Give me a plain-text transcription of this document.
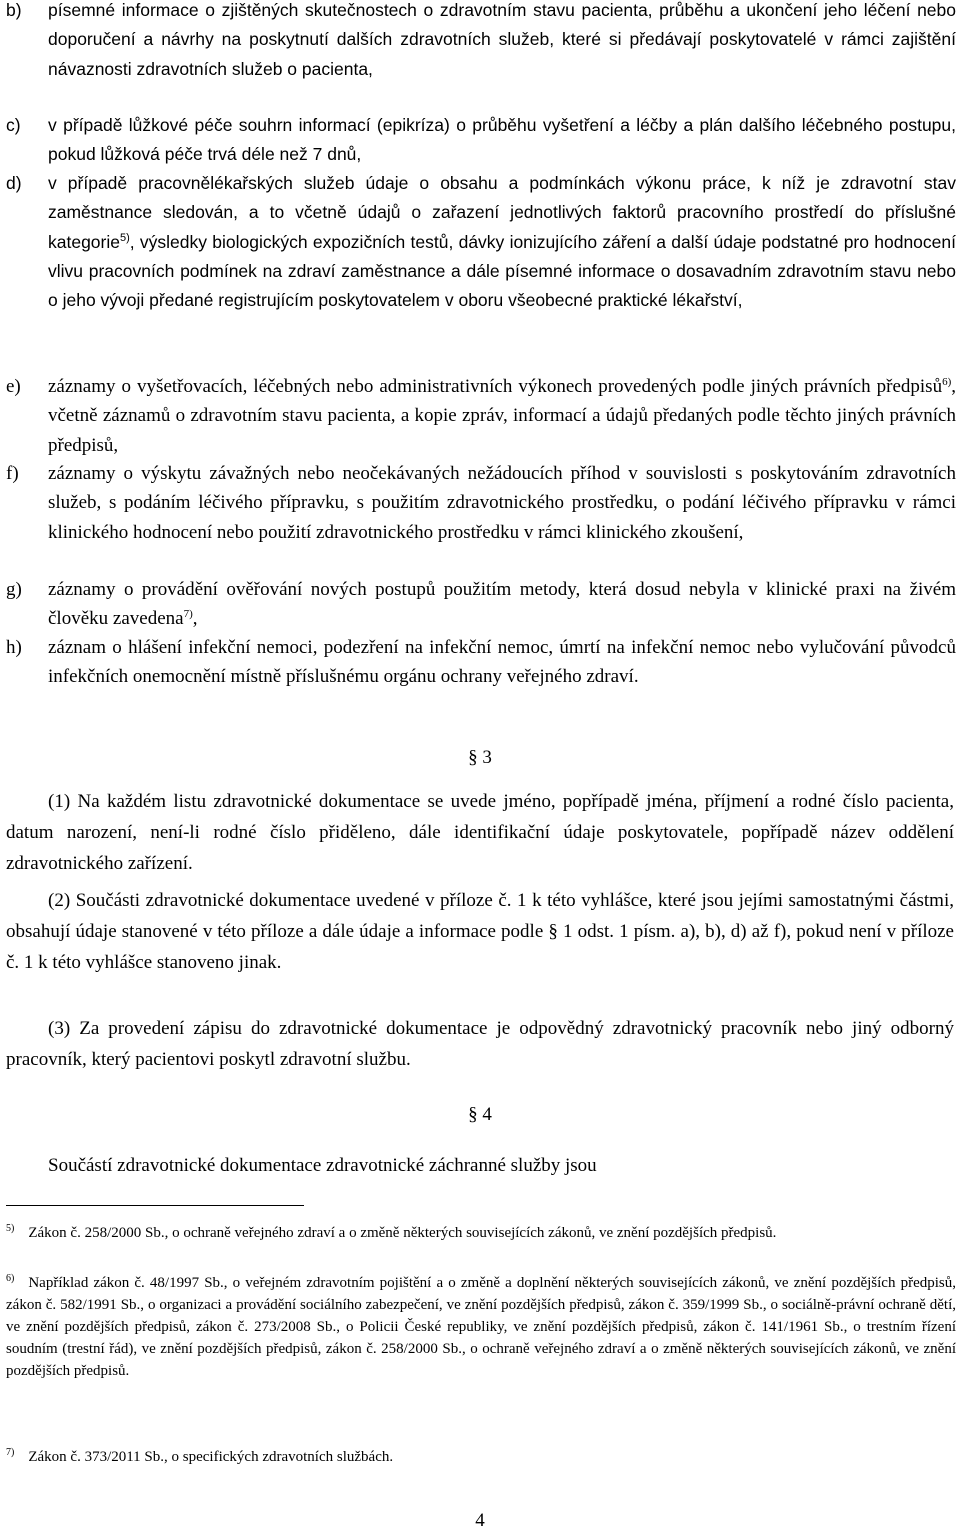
b) písemné informace o zjištěných skutečnostech o zdravotním stavu pacienta, průběhu a ukončení jeho léčení nebo doporučení a návrhy na poskytnutí dalších zdravotních služeb, které si předávají poskytovatelé v rámci zajištění návaznosti zdravotních služeb o pacienta,
c) v případě lůžkové péče souhrn informací (epikríza) o průběhu vyšetření a léčby a plán dalšího léčebného postupu, pokud lůžková péče trvá déle než 7 dnů,
d) v případě pracovnělékařských služeb údaje o obsahu a podmínkách výkonu práce, k níž je zdravotní stav zaměstnance sledován, a to včetně údajů o zařazení jednotlivých faktorů pracovního prostředí do příslušné kategorie$^{5)}$, výsledky biologických expozičních testů, dávky ionizujícího záření a další údaje podstatné pro hodnocení vlivu pracovních podmínek na zdraví zaměstnance a dále písemné informace o dosavadním zdravotním stavu nebo o jeho vývoji předané registrujícím poskytovatelem v oboru všeobecné praktické lékařství,
e) záznamy o vyšetřovacích, léčebných nebo administrativních výkonech provedených podle jiných právních předpisů$^{6)}$, včetně záznamů o zdravotním stavu pacienta, a kopie zpráv, informací a údajů předaných podle těchto jiných právních předpisů,
f) záznamy o výskytu závažných nebo neočekávaných nežádoucích příhod v souvislosti s poskytováním zdravotních služeb, s podáním léčivého přípravku, s použitím zdravotnického prostředku, o podání léčivého přípravku v rámci klinického hodnocení nebo použití zdravotnického prostředku v rámci klinického zkoušení,
g) záznamy o provádění ověřování nových postupů použitím metody, která dosud nebyla v klinické praxi na živém člověku zavedena$^{7)}$,
h) záznam o hlášení infekční nemoci, podezření na infekční nemoc, úmrtí na infekční nemoc nebo vylučování původců infekčních onemocnění místně příslušnému orgánu ochrany veřejného zdraví.
§ 3
(1) Na každém listu zdravotnické dokumentace se uvede jméno, popřípadě jména, příjmení a rodné číslo pacienta, datum narození, není-li rodné číslo přiděleno, dále identifikační údaje poskytovatele, popřípadě název oddělení zdravotnického zařízení.
(2) Součásti zdravotnické dokumentace uvedené v příloze č. 1 k této vyhlášce, které jsou jejími samostatnými částmi, obsahují údaje stanovené v této příloze a dále údaje a informace podle § 1 odst. 1 písm. a), b), d) až f), pokud není v příloze č. 1 k této vyhlášce stanoveno jinak.
(3) Za provedení zápisu do zdravotnické dokumentace je odpovědný zdravotnický pracovník nebo jiný odborný pracovník, který pacientovi poskytl zdravotní službu.
§ 4
Součástí zdravotnické dokumentace zdravotnické záchranné služby jsou
$^{5)}$ Zákon č. 258/2000 Sb., o ochraně veřejného zdraví a o změně některých souvisejících zákonů, ve znění pozdějších předpisů.
$^{6)}$ Například zákon č. 48/1997 Sb., o veřejném zdravotním pojištění a o změně a doplnění některých souvisejících zákonů, ve znění pozdějších předpisů, zákon č. 582/1991 Sb., o organizaci a provádění sociálního zabezpečení, ve znění pozdějších předpisů, zákon č. 359/1999 Sb., o sociálně-právní ochraně dětí, ve znění pozdějších předpisů, zákon č. 273/2008 Sb., o Policii České republiky, ve znění pozdějších předpisů, zákon č. 141/1961 Sb., o trestním řízení soudním (trestní řád), ve znění pozdějších předpisů, zákon č. 258/2000 Sb., o ochraně veřejného zdraví a o změně některých souvisejících zákonů, ve znění pozdějších předpisů.
$^{7)}$ Zákon č. 373/2011 Sb., o specifických zdravotních službách.
4
